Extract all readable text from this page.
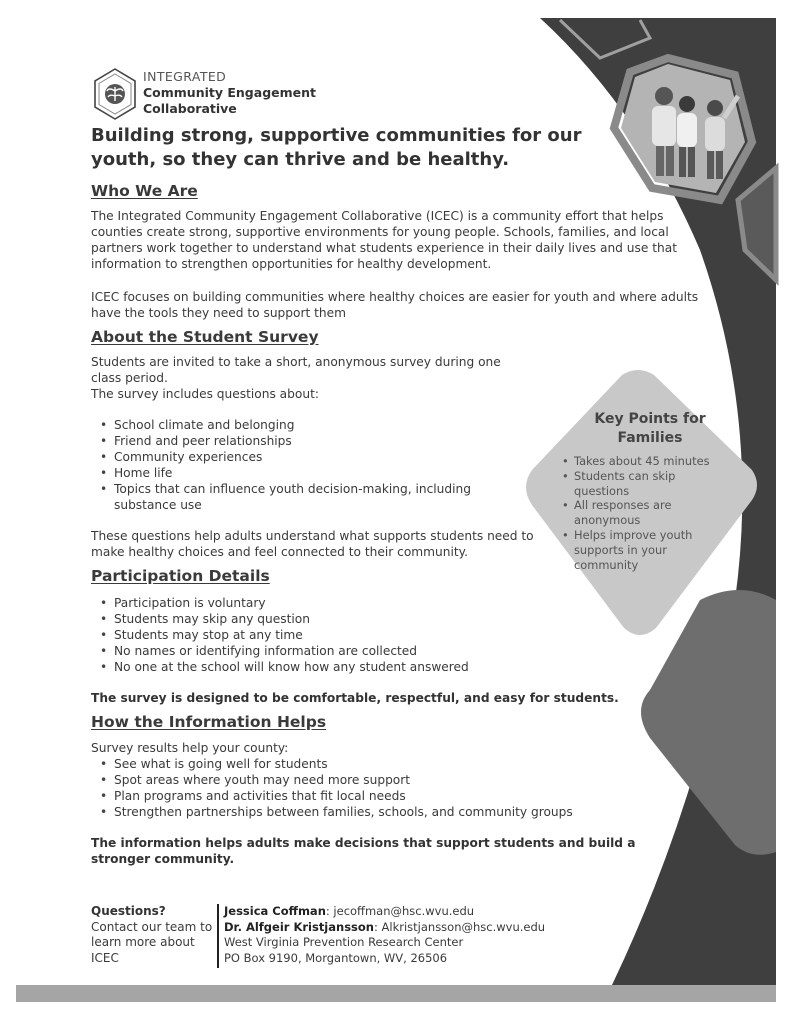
INTEGRATED
Community Engagement
Collaborative
Building strong, supportive communities for our youth, so they can thrive and be healthy.
Who We Are
The Integrated Community Engagement Collaborative (ICEC) is a community effort that helps counties create strong, supportive environments for young people. Schools, families, and local partners work together to understand what students experience in their daily lives and use that information to strengthen opportunities for healthy development.
ICEC focuses on building communities where healthy choices are easier for youth and where adults have the tools they need to support them
About the Student Survey
Students are invited to take a short, anonymous survey during one class period.
The survey includes questions about:
• School climate and belonging
• Friend and peer relationships
• Community experiences
• Home life
• Topics that can influence youth decision-making, including substance use
These questions help adults understand what supports students need to make healthy choices and feel connected to their community.
Key Points for Families
• Takes about 45 minutes
• Students can skip questions
• All responses are anonymous
• Helps improve youth supports in your community
Participation Details
• Participation is voluntary
• Students may skip any question
• Students may stop at any time
• No names or identifying information are collected
• No one at the school will know how any student answered
The survey is designed to be comfortable, respectful, and easy for students.
How the Information Helps
Survey results help your county:
• See what is going well for students
• Spot areas where youth may need more support
• Plan programs and activities that fit local needs
• Strengthen partnerships between families, schools, and community groups
The information helps adults make decisions that support students and build a stronger community.
Questions?
Contact our team to learn more about ICEC
Jessica Coffman: jecoffman@hsc.wvu.edu
Dr. Alfgeir Kristjansson: Alkristjansson@hsc.wvu.edu
West Virginia Prevention Research Center
PO Box 9190, Morgantown, WV, 26506
